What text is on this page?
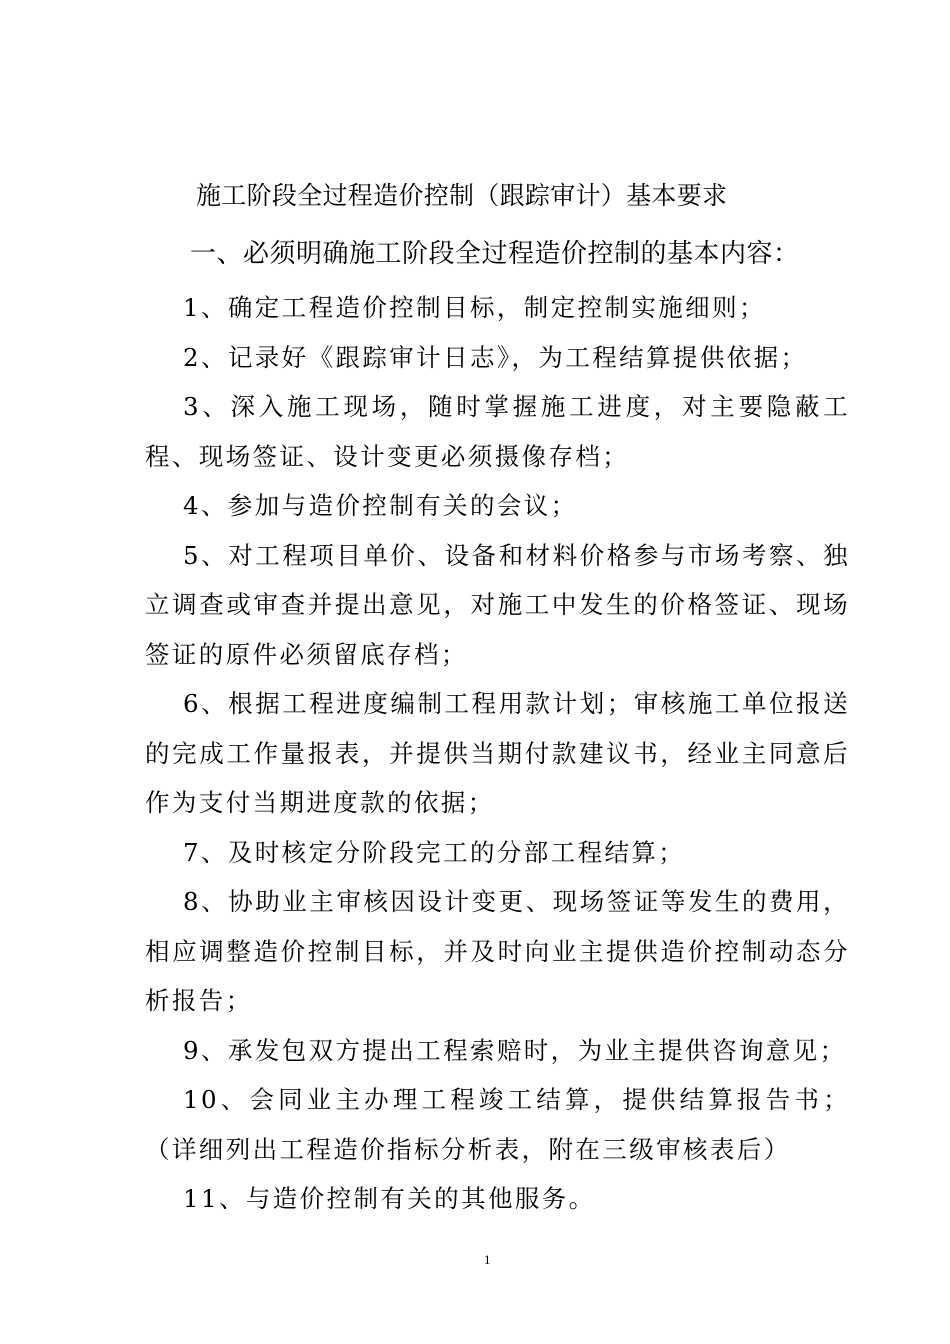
施工阶段全过程造价控制（跟踪审计）基本要求
一、必须明确施工阶段全过程造价控制的基本内容：

1、确定工程造价控制目标，制定控制实施细则；

2、记录好《跟踪审计日志》，为工程结算提供依据；

3、深入施工现场，随时掌握施工进度，对主要隐蔽工程、现场签证、设计变更必须摄像存档；

4、参加与造价控制有关的会议；

5、对工程项目单价、设备和材料价格参与市场考察、独立调查或审查并提出意见，对施工中发生的价格签证、现场签证的原件必须留底存档；

6、根据工程进度编制工程用款计划；审核施工单位报送的完成工作量报表，并提供当期付款建议书，经业主同意后作为支付当期进度款的依据；

7、及时核定分阶段完工的分部工程结算；

8、协助业主审核因设计变更、现场签证等发生的费用，相应调整造价控制目标，并及时向业主提供造价控制动态分析报告；

9、承发包双方提出工程索赔时，为业主提供咨询意见；

10、会同业主办理工程竣工结算，提供结算报告书；（详细列出工程造价指标分析表，附在三级审核表后）

11、与造价控制有关的其他服务。

1
